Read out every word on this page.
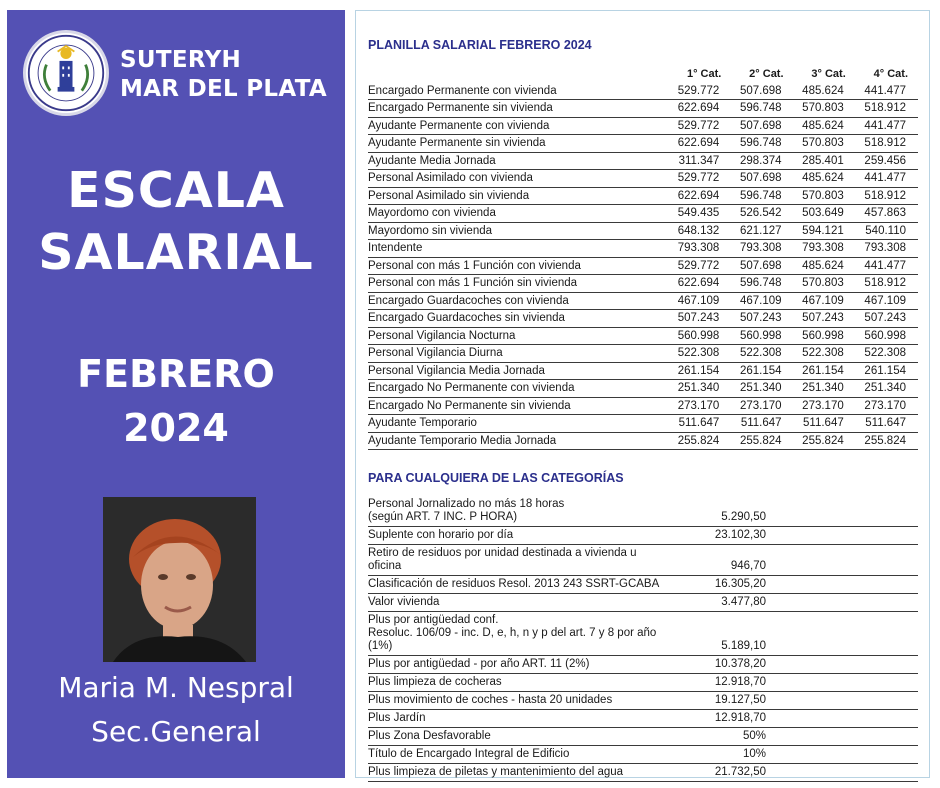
SUTERYH
MAR DEL PLATA
ESCALA
SALARIAL
FEBRERO
2024
Maria M. Nespral
Sec.General
PLANILLA SALARIAL FEBRERO 2024
	1° Cat.	2° Cat.	3° Cat.	4° Cat.
Encargado Permanente con vivienda	529.772	507.698	485.624	441.477
Encargado Permanente sin vivienda	622.694	596.748	570.803	518.912
Ayudante Permanente con vivienda	529.772	507.698	485.624	441.477
Ayudante Permanente sin vivienda	622.694	596.748	570.803	518.912
Ayudante Media Jornada	311.347	298.374	285.401	259.456
Personal Asimilado con vivienda	529.772	507.698	485.624	441.477
Personal Asimilado sin vivienda	622.694	596.748	570.803	518.912
Mayordomo con vivienda	549.435	526.542	503.649	457.863
Mayordomo sin vivienda	648.132	621.127	594.121	540.110
Intendente	793.308	793.308	793.308	793.308
Personal con más 1 Función con vivienda	529.772	507.698	485.624	441.477
Personal con más 1 Función sin vivienda	622.694	596.748	570.803	518.912
Encargado Guardacoches con vivienda	467.109	467.109	467.109	467.109
Encargado Guardacoches sin vivienda	507.243	507.243	507.243	507.243
Personal Vigilancia Nocturna	560.998	560.998	560.998	560.998
Personal Vigilancia Diurna	522.308	522.308	522.308	522.308
Personal Vigilancia Media Jornada	261.154	261.154	261.154	261.154
Encargado No Permanente con vivienda	251.340	251.340	251.340	251.340
Encargado No Permanente sin vivienda	273.170	273.170	273.170	273.170
Ayudante Temporario	511.647	511.647	511.647	511.647
Ayudante Temporario Media Jornada	255.824	255.824	255.824	255.824
PARA CUALQUIERA DE LAS CATEGORÍAS
Personal Jornalizado no más 18 horas
(según ART. 7 INC. P HORA)	5.290,50	
Suplente con horario por día	23.102,30	
Retiro de residuos por unidad destinada a vivienda u oficina	946,70	
Clasificación de residuos Resol. 2013 243 SSRT-GCABA	16.305,20	
Valor vivienda	3.477,80	
Plus por antigüedad conf.
Resoluc. 106/09 - inc. D, e, h, n y p del art. 7 y 8 por año (1%)	5.189,10	
Plus por antigüedad - por año ART. 11 (2%)	10.378,20	
Plus limpieza de cocheras	12.918,70	
Plus movimiento de coches - hasta 20 unidades	19.127,50	
Plus Jardín	12.918,70	
Plus Zona Desfavorable	50%	
Título de Encargado Integral de Edificio	10%	
Plus limpieza de piletas y mantenimiento del agua	21.732,50	
